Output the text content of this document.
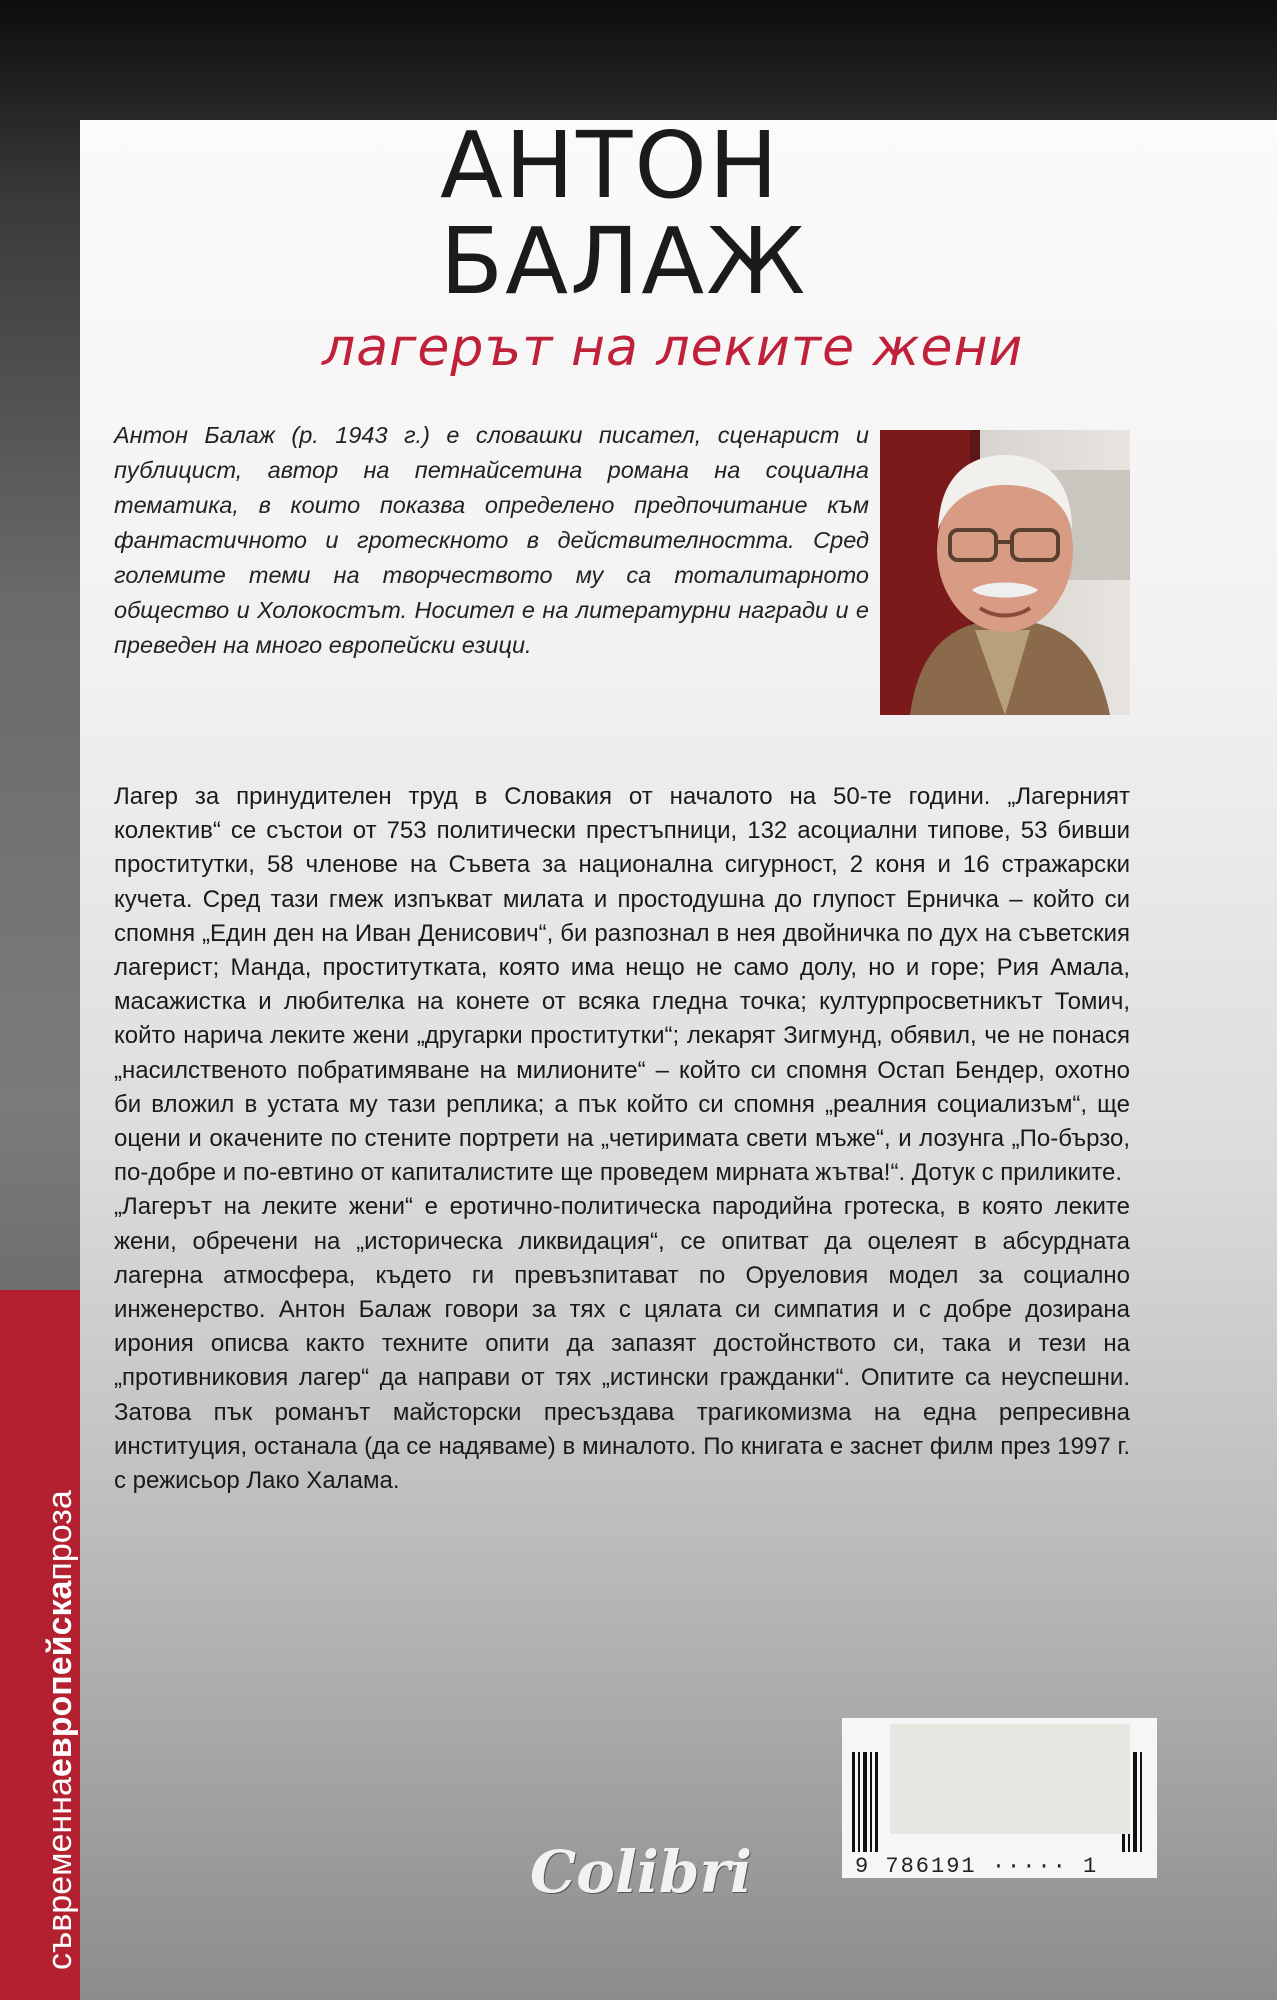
съвременнаевропейскапроза
АНТОН
БАЛАЖ
лагерът на леките жени
Антон Балаж (р. 1943 г.) е словашки писател, сценарист и публицист, автор на петнайсетина романа на социална тематика, в които показва определено предпочитание към фантастичното и гротескното в действителността. Сред големите теми на творчеството му са тоталитарното общество и Холокостът. Носител е на литературни награди и е преведен на много европейски езици.

Лагер за принудителен труд в Словакия от началото на 50-те години. „Лагерният колектив“ се състои от 753 политически престъпници, 132 асоциални типове, 53 бивши проститутки, 58 членове на Съвета за национална сигурност, 2 коня и 16 стражарски кучета. Сред тази гмеж изпъкват милата и простодушна до глупост Ерничка – който си спомня „Един ден на Иван Денисович“, би разпознал в нея двойничка по дух на съветския лагерист; Манда, проститутката, която има нещо не само долу, но и горе; Рия Амала, масажистка и любителка на конете от всяка гледна точка; културпросветникът Томич, който нарича леките жени „другарки проститутки“; лекарят Зигмунд, обявил, че не понася „насилственото побратимяване на милионите“ – който си спомня Остап Бендер, охотно би вложил в устата му тази реплика; а пък който си спомня „реалния социализъм“, ще оцени и окачените по стените портрети на „четиримата свети мъже“, и лозунга „По-бързо, по-добре и по-евтино от капиталистите ще проведем мирната жътва!“. Дотук с приликите.

„Лагерът на леките жени“ е еротично-политическа пародийна гротеска, в която леките жени, обречени на „историческа ликвидация“, се опитват да оцелеят в абсурдната лагерна атмосфера, където ги превъзпитават по Оруеловия модел за социално инженерство. Антон Балаж говори за тях с цялата си симпатия и с добре дозирана ирония описва както техните опити да запазят достойнството си, така и тези на „противниковия лагер“ да направи от тях „истински гражданки“. Опитите са неуспешни. Затова пък романът майсторски пресъздава трагикомизма на една репресивна институция, останала (да се надяваме) в миналото. По книгата е заснет филм през 1997 г. с режисьор Лако Халама.

9 786191 ····· 1
Colibri
